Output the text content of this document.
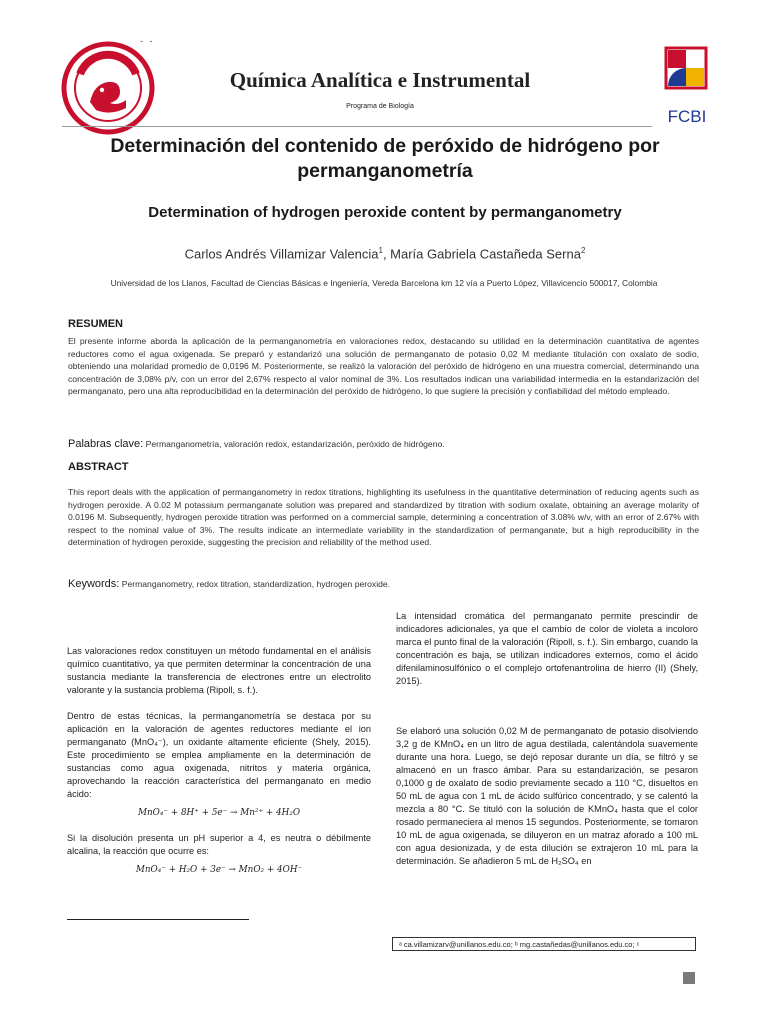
- -
Química Analítica e Instrumental
Programa de Biología
FCBI
Determinación del contenido de peróxido de hidrógeno por permanganometría
Determination of hydrogen peroxide content by permanganometry
Carlos Andrés Villamizar Valencia$^1$, María Gabriela Castañeda Serna$^2$
Universidad de los Llanos, Facultad de Ciencias Básicas e Ingeniería, Vereda Barcelona km 12 vía a Puerto López, Villavicencio 500017, Colombia
RESUMEN
El presente informe aborda la aplicación de la permanganometría en valoraciones redox, destacando su utilidad en la determinación cuantitativa de agentes reductores como el agua oxigenada. Se preparó y estandarizó una solución de permanganato de potasio 0,02 M mediante titulación con oxalato de sodio, obteniendo una molaridad promedio de 0,0196 M. Posteriormente, se realizó la valoración del peróxido de hidrógeno en una muestra comercial, determinando una concentración de 3,08% p/v, con un error del 2,67% respecto al valor nominal de 3%. Los resultados indican una variabilidad intermedia en la estandarización del permanganato, pero una alta reproducibilidad en la determinación del peróxido de hidrógeno, lo que sugiere la precisión y confiabilidad del método empleado.
Palabras clave: Permanganometría, valoración redox, estandarización, peróxido de hidrógeno.
ABSTRACT
This report deals with the application of permanganometry in redox titrations, highlighting its usefulness in the quantitative determination of reducing agents such as hydrogen peroxide. A 0.02 M potassium permanganate solution was prepared and standardized by titration with sodium oxalate, obtaining an average molarity of 0.0196 M. Subsequently, hydrogen peroxide titration was performed on a commercial sample, determining a concentration of 3.08% w/v, with an error of 2.67% with respect to the nominal value of 3%. The results indicate an intermediate variability in the standardization of permanganate, but a high reproducibility in the determination of hydrogen peroxide, suggesting the precision and reliability of the method used.
Keywords: Permanganometry, redox titration, standardization, hydrogen peroxide.

Las valoraciones redox constituyen un método fundamental en el análisis químico cuantitativo, ya que permiten determinar la concentración de una sustancia mediante la transferencia de electrones entre un electrolito valorante y la sustancia problema (Ripoll, s. f.).

Dentro de estas técnicas, la permanganometría se destaca por su aplicación en la valoración de agentes reductores mediante el ion permanganato (MnO₄⁻), un oxidante altamente eficiente (Shely, 2015). Este procedimiento se emplea ampliamente en la determinación de sustancias como agua oxigenada, nitritos y materia orgánica, aprovechando la reacción característica del permanganato en medio ácido:

MnO₄⁻ + 8H⁺ + 5e⁻ → Mn²⁺ + 4H₂O

Si la disolución presenta un pH superior a 4, es neutra o débilmente alcalina, la reacción que ocurre es:

MnO₄⁻ + H₂O + 3e⁻ → MnO₂ + 4OH⁻

La intensidad cromática del permanganato permite prescindir de indicadores adicionales, ya que el cambio de color de violeta a incoloro marca el punto final de la valoración (Ripoll, s. f.). Sin embargo, cuando la concentración es baja, se utilizan indicadores externos, como el ácido difenilaminosulfónico o el complejo ortofenantrolina de hierro (II) (Shely, 2015).

Se elaboró una solución 0,02 M de permanganato de potasio disolviendo 3,2 g de KMnO₄ en un litro de agua destilada, calentándola suavemente durante una hora. Luego, se dejó reposar durante un día, se filtró y se almacenó en un frasco ámbar. Para su estandarización, se pesaron 0,1000 g de oxalato de sodio previamente secado a 110 °C, disueltos en 50 mL de agua con 1 mL de ácido sulfúrico concentrado, y se calentó la mezcla a 80 °C. Se tituló con la solución de KMnO₄ hasta que el color rosado permaneciera al menos 15 segundos. Posteriormente, se tomaron 10 mL de agua oxigenada, se diluyeron en un matraz aforado a 100 mL con agua desionizada, y de esta dilución se extrajeron 10 mL para la determinación. Se añadieron 5 mL de H₂SO₄ en

ᵃ ca.villamizarv@unillanos.edu.co; ᵇ mg.castañedas@unillanos.edu.co; ᶜ
